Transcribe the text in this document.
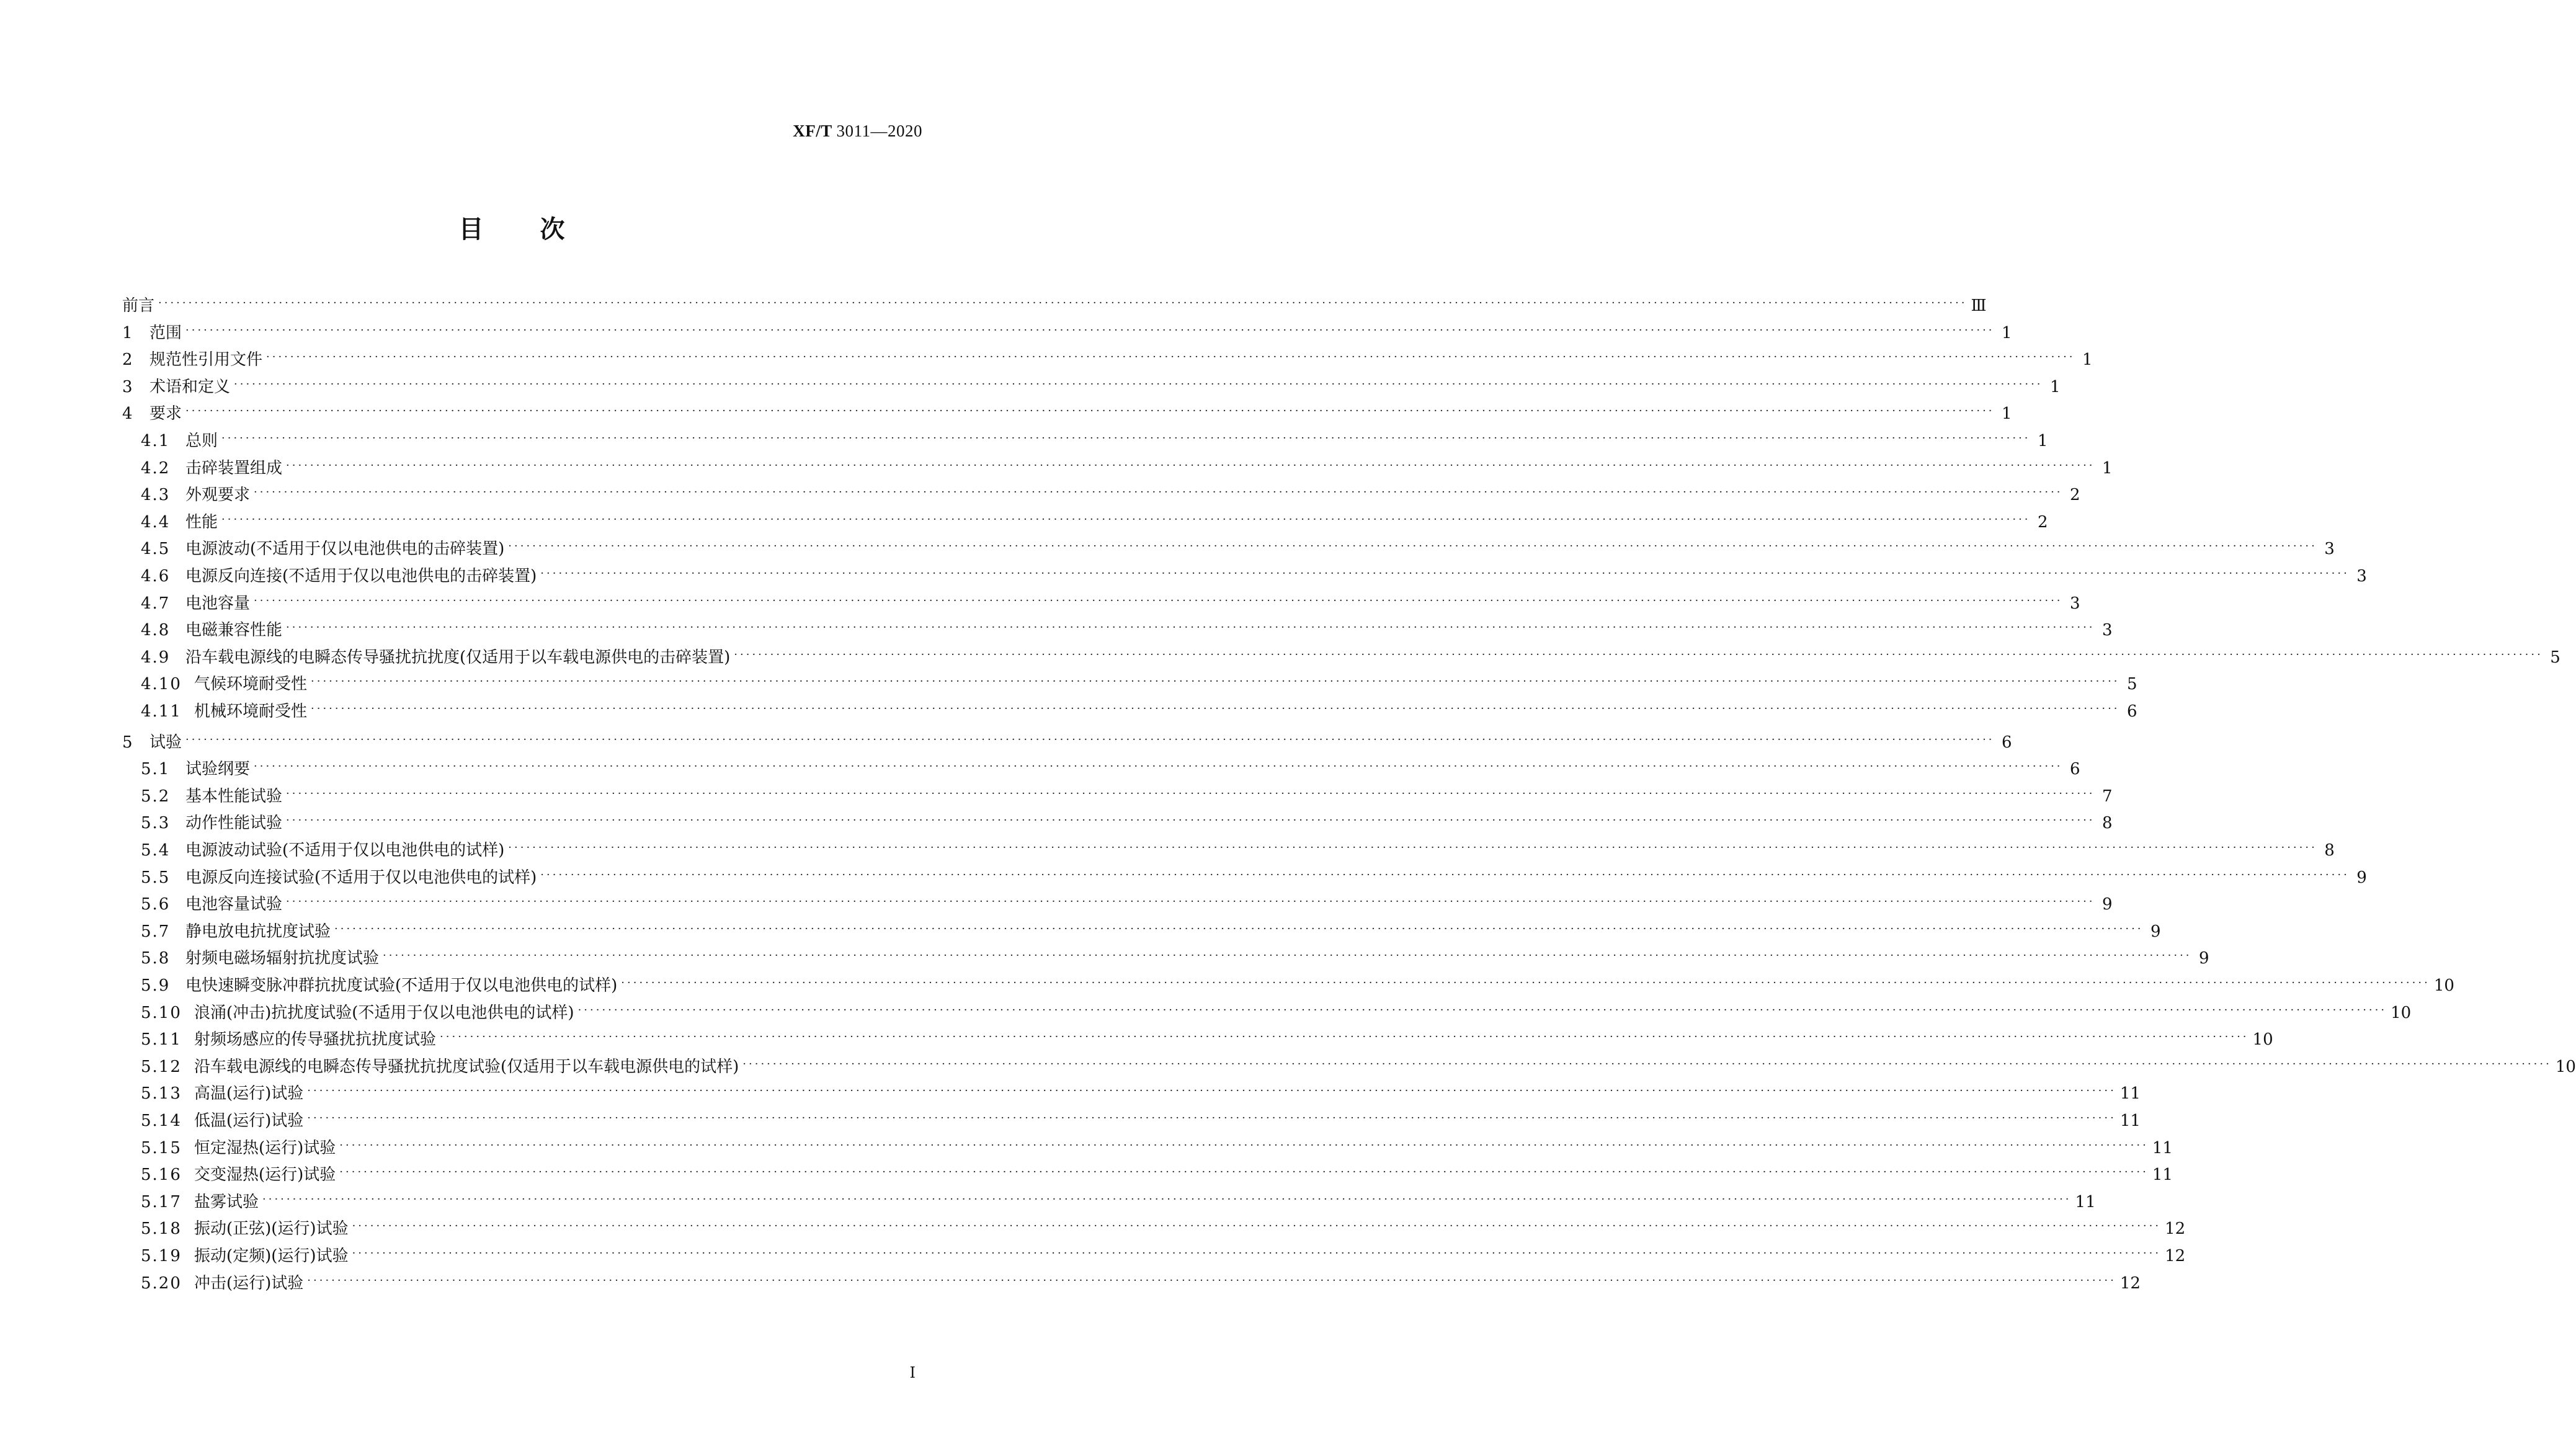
XF/T 3011—2020
目 次
前言 ············································································································································································································································································································ Ⅲ
1 范围 ············································································································································································································································································································ 1
2 规范性引用文件 ············································································································································································································································································································ 1
3 术语和定义 ············································································································································································································································································································ 1
4 要求 ············································································································································································································································································································ 1
4.1 总则 ············································································································································································································································································································ 1
4.2 击碎装置组成 ············································································································································································································································································································ 1
4.3 外观要求 ············································································································································································································································································································ 2
4.4 性能 ············································································································································································································································································································ 2
4.5 电源波动(不适用于仅以电池供电的击碎装置) ············································································································································································································································································································ 3
4.6 电源反向连接(不适用于仅以电池供电的击碎装置) ············································································································································································································································································································ 3
4.7 电池容量 ············································································································································································································································································································ 3
4.8 电磁兼容性能 ············································································································································································································································································································ 3
4.9 沿车载电源线的电瞬态传导骚扰抗扰度(仅适用于以车载电源供电的击碎装置) ············································································································································································································································································································ 5
4.10 气候环境耐受性 ············································································································································································································································································································ 5
4.11 机械环境耐受性 ············································································································································································································································································································ 6
5 试验 ············································································································································································································································································································ 6
5.1 试验纲要 ············································································································································································································································································································ 6
5.2 基本性能试验 ············································································································································································································································································································ 7
5.3 动作性能试验 ············································································································································································································································································································ 8
5.4 电源波动试验(不适用于仅以电池供电的试样) ············································································································································································································································································································ 8
5.5 电源反向连接试验(不适用于仅以电池供电的试样) ············································································································································································································································································································ 9
5.6 电池容量试验 ············································································································································································································································································································ 9
5.7 静电放电抗扰度试验 ············································································································································································································································································································ 9
5.8 射频电磁场辐射抗扰度试验 ············································································································································································································································································································ 9
5.9 电快速瞬变脉冲群抗扰度试验(不适用于仅以电池供电的试样) ············································································································································································································································································································ 10
5.10 浪涌(冲击)抗扰度试验(不适用于仅以电池供电的试样) ············································································································································································································································································································ 10
5.11 射频场感应的传导骚扰抗扰度试验 ············································································································································································································································································································ 10
5.12 沿车载电源线的电瞬态传导骚扰抗扰度试验(仅适用于以车载电源供电的试样) ············································································································································································································································································································ 10
5.13 高温(运行)试验 ············································································································································································································································································································ 11
5.14 低温(运行)试验 ············································································································································································································································································································ 11
5.15 恒定湿热(运行)试验 ············································································································································································································································································································ 11
5.16 交变湿热(运行)试验 ············································································································································································································································································································ 11
5.17 盐雾试验 ············································································································································································································································································································ 11
5.18 振动(正弦)(运行)试验 ············································································································································································································································································································ 12
5.19 振动(定频)(运行)试验 ············································································································································································································································································································ 12
5.20 冲击(运行)试验 ············································································································································································································································································································ 12
I
